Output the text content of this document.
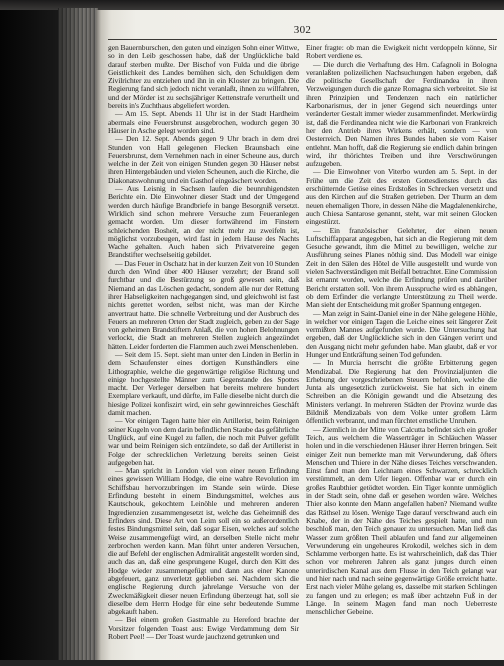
302

gen Bauernburschen, den guten und einzigen Sohn einer Wittwe, so in den Leib geschossen habe, daß der Unglückliche bald darauf sterben mußte. Der Bischof von Fulda und die übrige Geistlichkeit des Landes bemühen sich, den Schuldigen dem Zivilrichter zu entziehen und ihn in ein Kloster zu bringen. Die Regierung fand sich jedoch nicht veranlaßt, ihnen zu willfahren, und der Mörder ist zu sechsjähriger Kettenstrafe verurtheilt und bereits in's Zuchthaus abgeliefert worden.

— Am 15. Sept. Abends 11 Uhr ist in der Stadt Hardheim abermals eine Feuersbrunst ausgebrochen, wodurch gegen 30 Häuser in Asche gelegt worden sind.

— Den 12. Sept. Abends gegen 9 Uhr brach in dem drei Stunden von Hall gelegenen Flecken Braunsbach eine Feuersbrunst, dem Vernehmen nach in einer Scheune aus, durch welche in der Zeit von einigen Stunden gegen 30 Häuser nebst ihren Hintergebäuden und vielen Scheunen, auch die Kirche, die Diakonatswohnung und ein Gasthof eingeäschert worden.

— Aus Leisnig in Sachsen laufen die beunruhigendsten Berichte ein. Die Einwohner dieser Stadt und der Umgegend werden durch häufige Brandbriefe in bange Besorgniß versetzt. Wirklich sind schon mehrere Versuche zum Feueranlegen gemacht worden. Um dieser fortwährend im Finstern schleichenden Bosheit, an der nicht mehr zu zweifeln ist, möglichst vorzubeugen, wird fast in jedem Hause des Nachts Wache gehalten. Auch haben sich Privatvereine gegen Brandstifter wechselseitig gebildet.

— Das Feuer in Oschatz hat in der kurzen Zeit von 10 Stunden durch den Wind über 400 Häuser verzehrt; der Brand soll furchtbar und die Bestürzung so groß gewesen sein, daß Niemand an das Löschen gedacht, sondern alle nur der Rettung ihrer Habseligkeiten nachgegangen sind, und gleichwohl ist fast nichts gerettet worden, selbst nicht, was man der Kirche anvertraut hatte. Die schnelle Verbreitung und der Ausbruch des Feuers an mehreren Orten der Stadt zugleich, geben zu der Sage von geheimen Brandstiftern Anlaß, die von hohen Belohnungen verlockt, die Stadt an mehreren Stellen zugleich angezündet hätten. Leider forderten die Flammen auch zwei Menschenleben.

— Seit dem 15. Sept. sieht man unter den Linden in Berlin in dem Schaufenster eines dortigen Kunsthändlers eine Lithographie, welche die gegenwärtige religiöse Richtung und einige hochgestellte Männer zum Gegenstande des Spottes macht. Der Verleger derselben hat bereits mehrere hundert Exemplare verkauft, und dürfte, im Falle dieselbe nicht durch die hiesige Polizei konfiszirt wird, ein sehr gewinnreiches Geschäft damit machen.

— Vor einigen Tagen hatte hier ein Artillerist, beim Reinigen seiner Kugeln von dem darin befindlichen Staube das gefährliche Unglück, auf eine Kugel zu fallen, die noch mit Pulver gefüllt war und beim Reinigen sich entzündete, so daß der Artillerist in Folge der schrecklichen Verletzung bereits seinen Geist aufgegeben hat.

— Man spricht in London viel von einer neuen Erfindung eines gewissen William Hodge, die eine wahre Revolution im Schiffsbau hervorzubringen im Stande sein würde. Diese Erfindung besteht in einem Bindungsmittel, welches aus Kautschouk, gekochtem Leinöhle und mehreren anderen Ingredienzien zusammengesetzt ist, welche das Geheimniß des Erfinders sind. Diese Art von Leim soll ein so außerordentlich festes Bindungsmittel sein, daß sogar Eisen, welches auf solche Weise zusammengefügt wird, an derselben Stelle nicht mehr zerbrochen werden kann. Man führt unter anderen Versuchen, die auf Befehl der englischen Admiralität angestellt worden sind, auch das an, daß eine gesprungene Kugel, durch den Kitt des Hodge wieder zusammengefügt und dann aus einer Kanone abgefeuert, ganz unverletzt geblieben sei. Nachdem sich die englische Regierung durch jahrelange Versuche von der Zweckmäßigkeit dieser neuen Erfindung überzeugt hat, soll sie dieselbe dem Herrn Hodge für eine sehr bedeutende Summe abgekauft haben.

— Bei einem großen Gastmahle zu Hereford brachte der Vorsitzer folgenden Toast aus: Ewige Verdammung dem Sir Robert Peel! — Der Toast wurde jauchzend getrunken und

Einer fragte: ob man die Ewigkeit nicht verdoppeln könne, Sir Robert verdiene es.

— Die durch die Verhaftung des Hrn. Cafagnoli in Bologna veranlaßten polizeilichen Nachsuchungen haben ergeben, daß die politische Gesellschaft der Ferdinandea in ihren Verzweigungen durch die ganze Romagna sich verbreitet. Sie ist ihren Prinzipien und Tendenzen nach ein natürlicher Karbonarismus, der in jener Gegend sich neuerdings unter veränderter Gestalt immer wieder zusammenfindet. Merkwürdig ist, daß die Ferdinandea nicht wie die Karbonari von Frankreich her den Antrieb ihres Wirkens erhält, sondern — von Oesterreich. Den Namen ihres Bundes haben sie vom Kaiser entlehnt. Man hofft, daß die Regierung sie endlich dahin bringen wird, ihr thörichtes Treiben und ihre Verschwörungen aufzugeben.

— Die Einwohner von Viterbo wurden am 5. Sept. in der Frühe um die Zeit des ersten Gottesdienstes durch das erschütternde Getöse eines Erdstoßes in Schrecken versetzt und aus den Kirchen auf die Straßen getrieben. Der Thurm an dem neuen ehemaligen Thore, in dessen Nähe die Magdalenenkirche, auch Chiesa Santarose genannt, steht, war mit seinen Glocken eingestürzt.

— Ein französischer Gelehrter, der einen neuen Luftschiffapparat angegeben, hat sich an die Regierung mit dem Gesuche gewandt, ihm die Mittel zu bewilligen, welche zur Ausführung seines Planes nöthig sind. Das Modell war einige Zeit in den Sälen des Hôtel de Ville ausgestellt und wurde von vielen Sachverständigen mit Beifall betrachtet. Eine Commission ist ernannt worden, welche die Erfindung prüfen und darüber Bericht erstatten soll. Von ihrem Ausspruche wird es abhängen, ob dem Erfinder die verlangte Unterstützung zu Theil werde. Man sieht der Entscheidung mit großer Spannung entgegen.

— Man zeigt in Saint-Daniel eine in der Nähe gelegene Höhle, in welcher vor einigen Tagen die Leiche eines seit längerer Zeit vermißten Mannes aufgefunden wurde. Die Untersuchung hat ergeben, daß der Unglückliche sich in den Gängen verirrt und den Ausgang nicht mehr gefunden habe. Man glaubt, daß er vor Hunger und Entkräftung seinen Tod gefunden.

— In Murcia herrscht die größte Erbitterung gegen Mendizabal. Die Regierung hat den Provinzialjunten die Erhebung der vorgeschriebenen Steuern befohlen, welche die Junta als ungesetzlich zurückweist. Sie hat sich in einem Schreiben an die Königin gewandt und die Absetzung des Ministers verlangt. In mehreren Städten der Provinz wurde das Bildniß Mendizabals von dem Volke unter großem Lärm öffentlich verbrannt, und man fürchtet ernstliche Unruhen.

— Ziemlich in der Mitte von Calcutta befindet sich ein großer Teich, aus welchem die Wasserträger in Schläuchen Wasser holen und in die verschiedenen Häuser ihrer Herren bringen. Seit einiger Zeit nun bemerkte man mit Verwunderung, daß öfters Menschen und Thiere in der Nähe dieses Teiches verschwanden. Einst fand man den Leichnam eines Schwarzen, schrecklich verstümmelt, an dem Ufer liegen. Offenbar war er durch ein großes Raubthier getödtet worden. Ein Tiger konnte unmöglich in der Stadt sein, ohne daß er gesehen worden wäre. Welches Thier also konnte den Mann angefallen haben? Niemand wußte das Räthsel zu lösen. Wenige Tage darauf verschwand auch ein Knabe, der in der Nähe des Teiches gespielt hatte, und nun beschloß man, den Teich genauer zu untersuchen. Man ließ das Wasser zum größten Theil ablaufen und fand zur allgemeinen Verwunderung ein ungeheures Krokodil, welches sich in dem Schlamme verborgen hatte. Es ist wahrscheinlich, daß das Thier schon vor mehreren Jahren als ganz junges durch einen unterirdischen Kanal aus dem Flusse in den Teich gelangt war und hier nach und nach seine gegenwärtige Größe erreicht hatte. Erst nach vieler Mühe gelang es, dasselbe mit starken Schlingen zu fangen und zu erlegen; es maß über achtzehn Fuß in der Länge. In seinem Magen fand man noch Ueberreste menschlicher Gebeine.
